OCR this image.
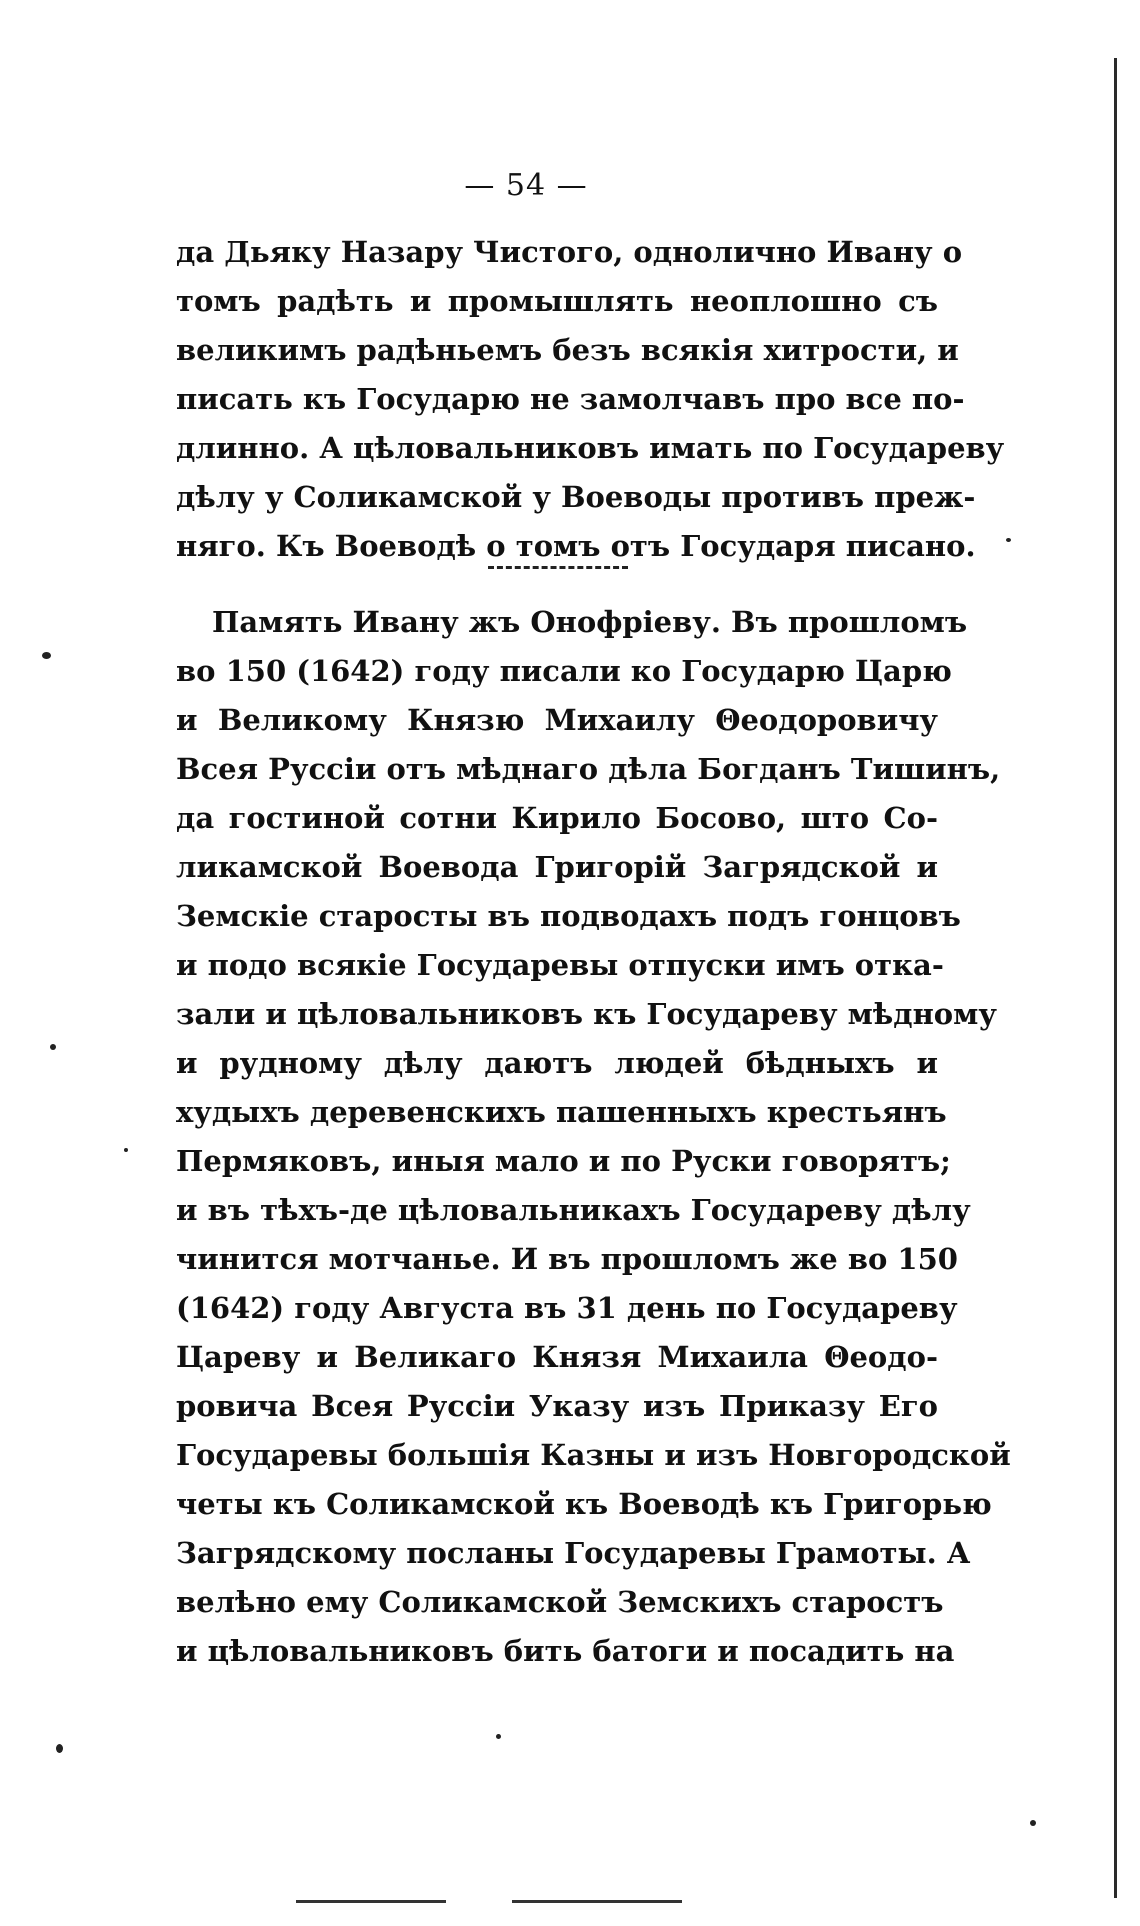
— 54 —
да Дьяку Назару Чистого, одноличнo Ивану о
томъ радѣть и промышлять неоплошно съ
великимъ радѣньемъ безъ всякія хитрости, и
писать къ Государю не замолчавъ про все по-
длинно. А цѣловальниковъ имать по Государеву
дѣлу у Соликамской у Воеводы противъ преж-
няго. Къ Воеводѣ о томъ отъ Государя писано.
Память Ивану жъ Онофріеву. Въ прошломъ
во 150 (1642) году писали ко Государю Царю
и Великому Князю Михаилу Θеодоровичу
Всея Руссіи отъ мѣднаго дѣла Богданъ Тишинъ,
да гостиной сотни Кирило Босово, што Со-
ликамской Воевода Григорій Загрядской и
Земскіе старосты въ подводахъ подъ гонцовъ
и подо всякіе Государевы отпуски имъ отка-
зали и цѣловальниковъ къ Государеву мѣдному
и рудному дѣлу даютъ людей бѣдныхъ и
худыхъ деревенскихъ пашенныхъ крестьянъ
Пермяковъ, иныя мало и по Руски говорятъ;
и въ тѣхъ-де цѣловальникахъ Государеву дѣлу
чинится мотчанье. И въ прошломъ же во 150
(1642) году Августа въ 31 день по Государеву
Цареву и Великаго Князя Михаила Θеодо-
ровича Всея Руссіи Указу изъ Приказу Его
Государевы большія Казны и изъ Новгородской
четы къ Соликамской къ Воеводѣ къ Григорью
Загрядскому посланы Государевы Грамоты. А
велѣно ему Соликамской Земскихъ старостъ
и цѣловальниковъ бить батоги и посадить на
